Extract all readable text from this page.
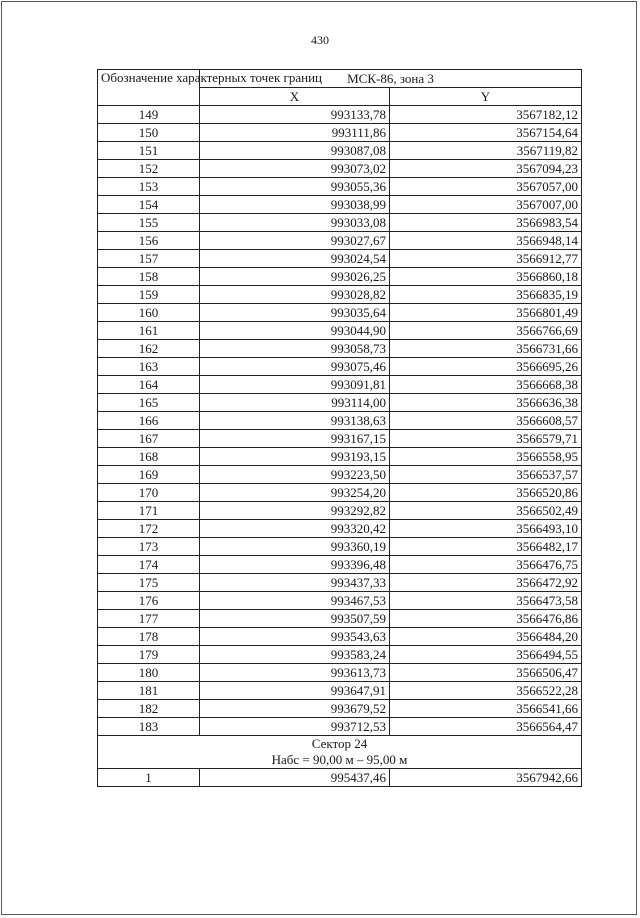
430
Обозначение характерных точек границ	МСК-86, зона 3	
	X	Y
149	993133,78	3567182,12
150	993111,86	3567154,64
151	993087,08	3567119,82
152	993073,02	3567094,23
153	993055,36	3567057,00
154	993038,99	3567007,00
155	993033,08	3566983,54
156	993027,67	3566948,14
157	993024,54	3566912,77
158	993026,25	3566860,18
159	993028,82	3566835,19
160	993035,64	3566801,49
161	993044,90	3566766,69
162	993058,73	3566731,66
163	993075,46	3566695,26
164	993091,81	3566668,38
165	993114,00	3566636,38
166	993138,63	3566608,57
167	993167,15	3566579,71
168	993193,15	3566558,95
169	993223,50	3566537,57
170	993254,20	3566520,86
171	993292,82	3566502,49
172	993320,42	3566493,10
173	993360,19	3566482,17
174	993396,48	3566476,75
175	993437,33	3566472,92
176	993467,53	3566473,58
177	993507,59	3566476,86
178	993543,63	3566484,20
179	993583,24	3566494,55
180	993613,73	3566506,47
181	993647,91	3566522,28
182	993679,52	3566541,66
183	993712,53	3566564,47

Сектор 24
Нaбс = 90,00 м – 95,00 м		

1	995437,46	3567942,66
